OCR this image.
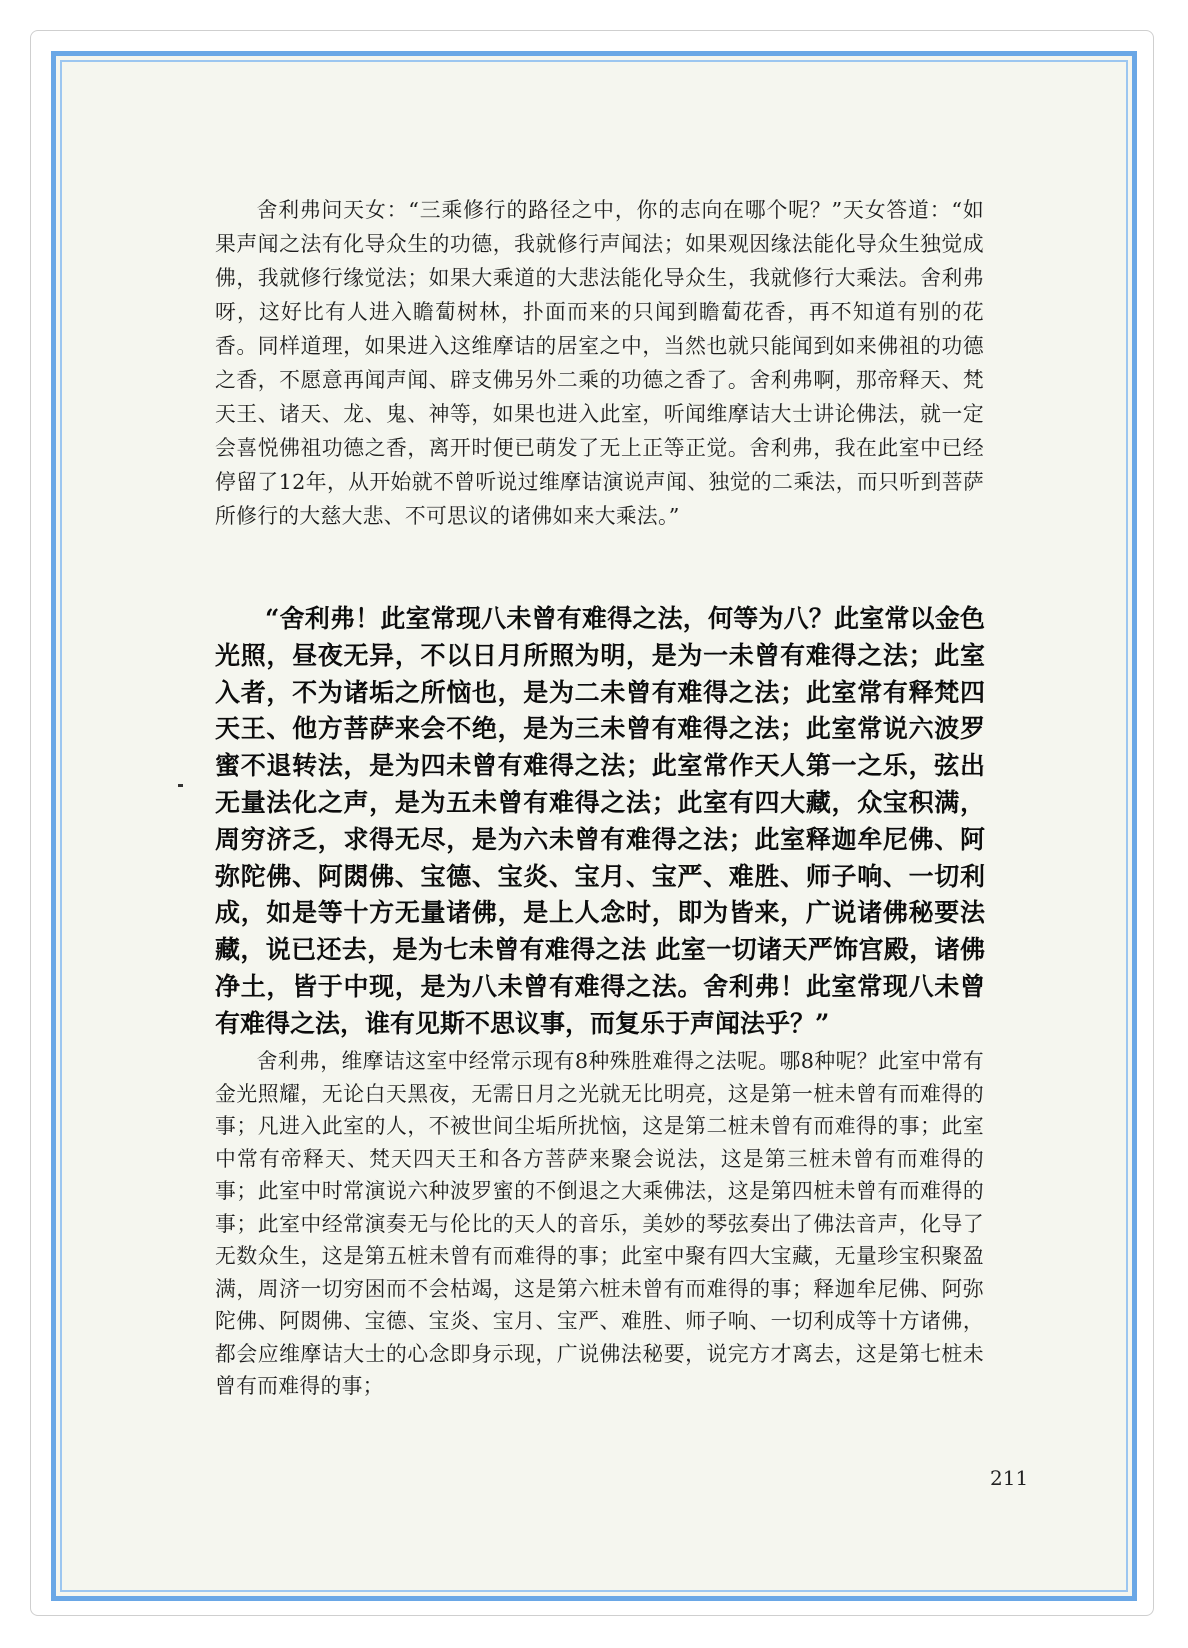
舍利弗问天女：“三乘修行的路径之中，你的志向在哪个呢？”天女答道：“如果声闻之法有化导众生的功德，我就修行声闻法；如果观因缘法能化导众生独觉成佛，我就修行缘觉法；如果大乘道的大悲法能化导众生，我就修行大乘法。舍利弗呀，这好比有人进入瞻蔔树林，扑面而来的只闻到瞻蔔花香，再不知道有别的花香。同样道理，如果进入这维摩诘的居室之中，当然也就只能闻到如来佛祖的功德之香，不愿意再闻声闻、辟支佛另外二乘的功德之香了。舍利弗啊，那帝释天、梵天王、诸天、龙、鬼、神等，如果也进入此室，听闻维摩诘大士讲论佛法，就一定会喜悦佛祖功德之香，离开时便已萌发了无上正等正觉。舍利弗，我在此室中已经停留了12年，从开始就不曾听说过维摩诘演说声闻、独觉的二乘法，而只听到菩萨所修行的大慈大悲、不可思议的诸佛如来大乘法。”

“舍利弗！此室常现八未曾有难得之法，何等为八？此室常以金色光照，昼夜无异，不以日月所照为明，是为一未曾有难得之法；此室入者，不为诸垢之所恼也，是为二未曾有难得之法；此室常有释梵四天王、他方菩萨来会不绝，是为三未曾有难得之法；此室常说六波罗蜜不退转法，是为四未曾有难得之法；此室常作天人第一之乐，弦出无量法化之声，是为五未曾有难得之法；此室有四大藏，众宝积满，周穷济乏，求得无尽，是为六未曾有难得之法；此室释迦牟尼佛、阿弥陀佛、阿閦佛、宝德、宝炎、宝月、宝严、难胜、师子响、一切利成，如是等十方无量诸佛，是上人念时，即为皆来，广说诸佛秘要法藏，说已还去，是为七未曾有难得之法 此室一切诸天严饰宫殿，诸佛净土，皆于中现，是为八未曾有难得之法。舍利弗！此室常现八未曾有难得之法，谁有见斯不思议事，而复乐于声闻法乎？”

舍利弗，维摩诘这室中经常示现有8种殊胜难得之法呢。哪8种呢？此室中常有金光照耀，无论白天黑夜，无需日月之光就无比明亮，这是第一桩未曾有而难得的事；凡进入此室的人，不被世间尘垢所扰恼，这是第二桩未曾有而难得的事；此室中常有帝释天、梵天四天王和各方菩萨来聚会说法，这是第三桩未曾有而难得的事；此室中时常演说六种波罗蜜的不倒退之大乘佛法，这是第四桩未曾有而难得的事；此室中经常演奏无与伦比的天人的音乐，美妙的琴弦奏出了佛法音声，化导了无数众生，这是第五桩未曾有而难得的事；此室中聚有四大宝藏，无量珍宝积聚盈满，周济一切穷困而不会枯竭，这是第六桩未曾有而难得的事；释迦牟尼佛、阿弥陀佛、阿閦佛、宝德、宝炎、宝月、宝严、难胜、师子响、一切利成等十方诸佛，都会应维摩诘大士的心念即身示现，广说佛法秘要，说完方才离去，这是第七桩未曾有而难得的事；

211
